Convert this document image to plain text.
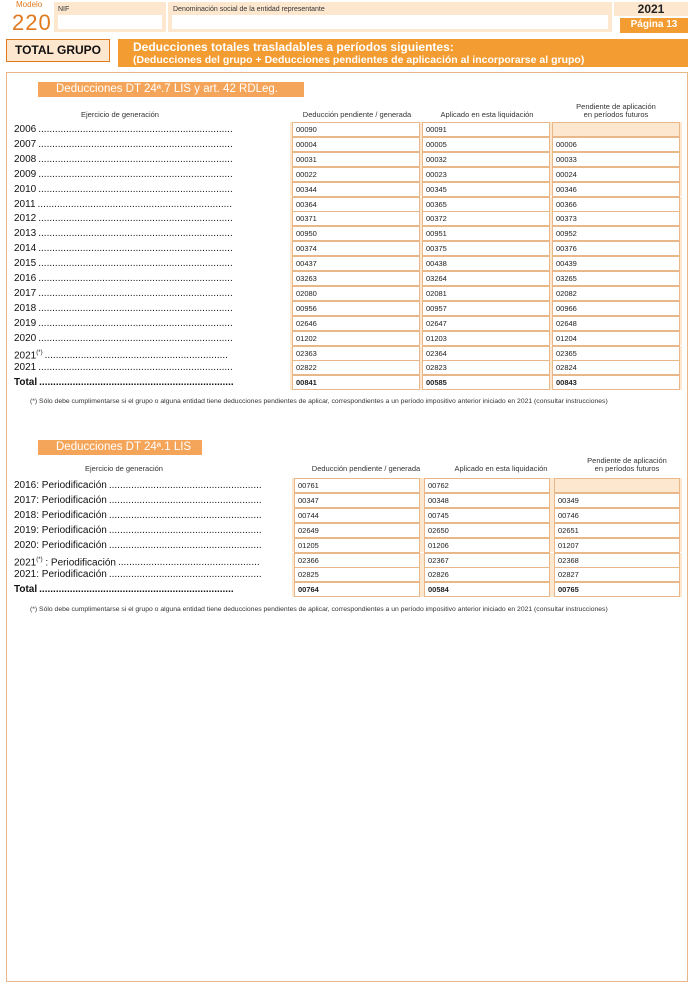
Modelo
220
NIF	Denominación social de la entidad representante	2021
Página 13
TOTAL GRUPO	Deducciones totales trasladables a períodos siguientes:
(Deducciones del grupo + Deducciones pendientes de aplicación al incorporarse al grupo)
Deducciones DT 24ª.7 LIS y art. 42 RDLeg. 4/2004
Ejercicio de generación	Deducción pendiente / generada	Aplicado en esta liquidación
Pendiente de aplicación
en períodos futuros
2006 ......................................................................	00090	00091
2007 ......................................................................	00004	00005	00006
2008 ......................................................................	00031	00032	00033
2009 ......................................................................	00022	00023	00024
2010 ......................................................................	00344	00345	00346
2011 ......................................................................	00364	00365	00366
2012 ......................................................................	00371	00372	00373
2013 ......................................................................	00950	00951	00952
2014 ......................................................................	00374	00375	00376
2015 ......................................................................	00437	00438	00439
2016 ......................................................................	03263	03264	03265
2017 ......................................................................	02080	02081	02082
2018 ......................................................................	00956	00957	00966
2019 ......................................................................	02646	02647	02648
2020 ......................................................................	01202	01203	01204
2021(*) ..................................................................	02363	02364	02365
2021 ......................................................................	02822	02823	02824
Total ......................................................................	00841	00585	00843
(*) Sólo debe cumplimentarse si el grupo o alguna entidad tiene deducciones pendientes de aplicar, correspondientes a un período impositivo anterior iniciado en 2021 (consultar instrucciones)
Deducciones DT 24ª.1 LIS
Ejercicio de generación	Deducción pendiente / generada	Aplicado en esta liquidación
Pendiente de aplicación
en períodos futuros
2016: Periodificación .......................................................	00761	00762
2017: Periodificación .......................................................	00347	00348	00349
2018: Periodificación .......................................................	00744	00745	00746
2019: Periodificación .......................................................	02649	02650	02651
2020: Periodificación .......................................................	01205	01206	01207
2021(*) : Periodificación ...................................................	02366	02367	02368
2021: Periodificación .......................................................	02825	02826	02827
Total ......................................................................	00764	00584	00765
(*) Sólo debe cumplimentarse si el grupo o alguna entidad tiene deducciones pendientes de aplicar, correspondientes a un período impositivo anterior iniciado en 2021 (consultar instrucciones)
